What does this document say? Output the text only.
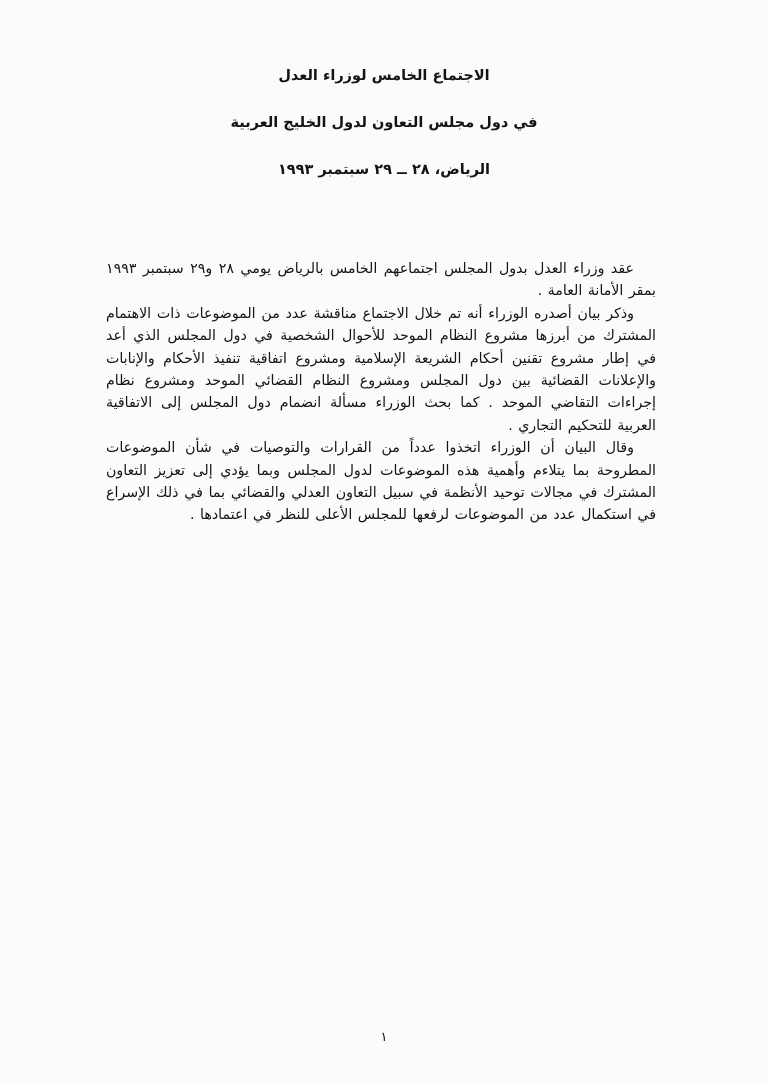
الاجتماع الخامس لوزراء العدل
في دول مجلس التعاون لدول الخليج العربية
الرياض، ٢٨ ــ ٢٩ سبتمبر ١٩٩٣

عقد وزراء العدل بدول المجلس اجتماعهم الخامس بالرياض يومي ٢٨ و٢٩ سبتمبر ١٩٩٣ بمقر الأمانة العامة .

وذكر بيان أصدره الوزراء أنه تم خلال الاجتماع مناقشة عدد من الموضوعات ذات الاهتمام المشترك من أبرزها مشروع النظام الموحد للأحوال الشخصية في دول المجلس الذي أعد في إطار مشروع تقنين أحكام الشريعة الإسلامية ومشروع اتفاقية تنفيذ الأحكام والإنابات والإعلانات القضائية بين دول المجلس ومشروع النظام القضائي الموحد ومشروع نظام إجراءات التقاضي الموحد . كما بحث الوزراء مسألة انضمام دول المجلس إلى الاتفاقية العربية للتحكيم التجاري .

وقال البيان أن الوزراء اتخذوا عدداً من القرارات والتوصيات في شأن الموضوعات المطروحة بما يتلاءم وأهمية هذه الموضوعات لدول المجلس وبما يؤدي إلى تعزيز التعاون المشترك في مجالات توحيد الأنظمة في سبيل التعاون العدلي والقضائي بما في ذلك الإسراع في استكمال عدد من الموضوعات لرفعها للمجلس الأعلى للنظر في اعتمادها .

١
